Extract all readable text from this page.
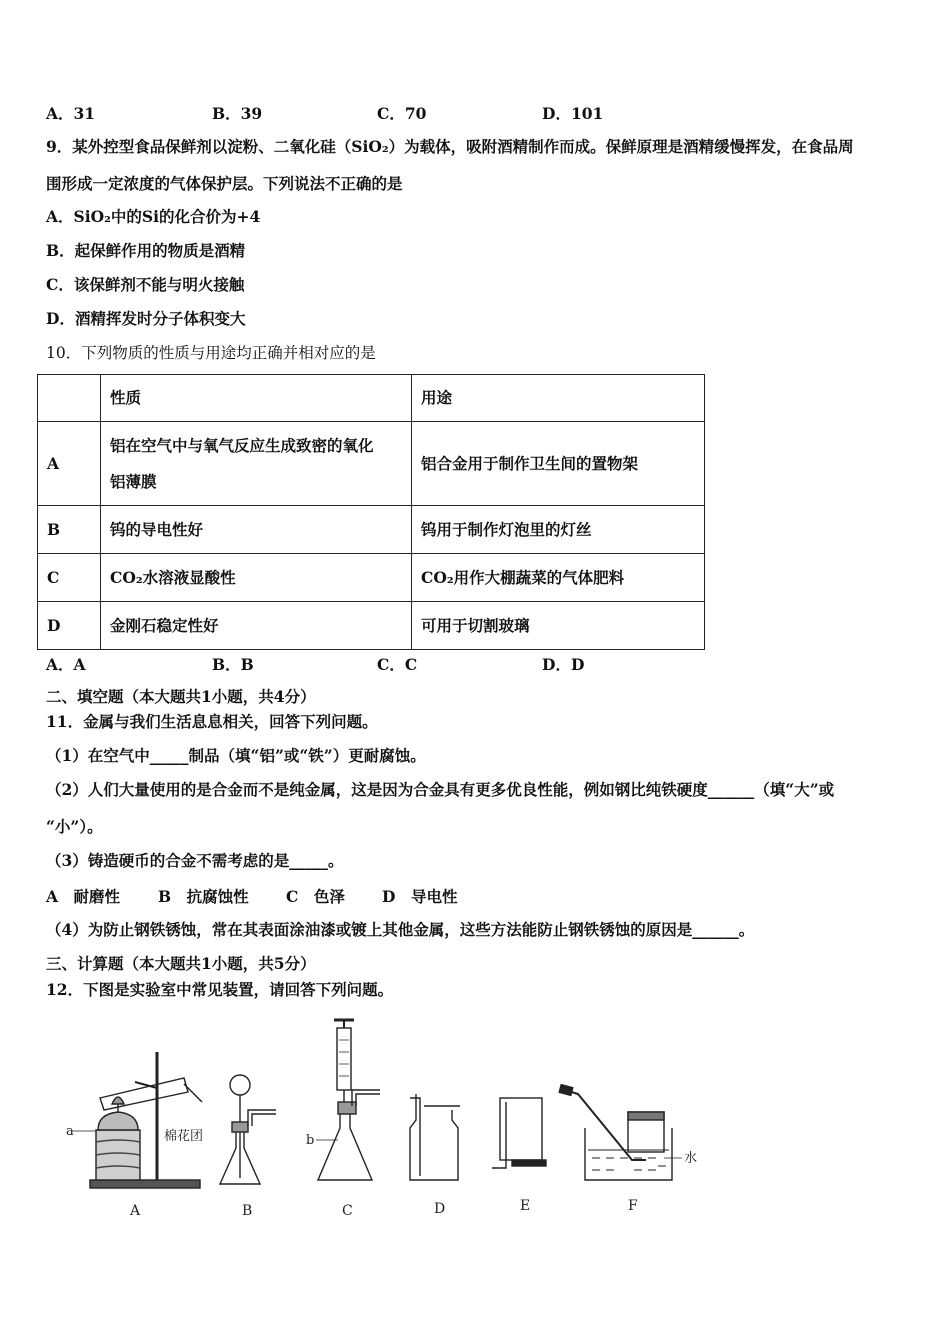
A．31	B．39	C．70	D．101
9．某外控型食品保鲜剂以淀粉、二氧化硅（SiO₂）为载体，吸附酒精制作而成。保鲜原理是酒精缓慢挥发，在食品周
围形成一定浓度的气体保护层。下列说法不正确的是
A．SiO₂中的Si的化合价为+4
B．起保鲜作用的物质是酒精
C．该保鲜剂不能与明火接触
D．酒精挥发时分子体积变大
10．下列物质的性质与用途均正确并相对应的是
	性质	用途
A	铝在空气中与氧气反应生成致密的氧化
铝薄膜	铝合金用于制作卫生间的置物架
B	钨的导电性好	钨用于制作灯泡里的灯丝
C	CO₂水溶液显酸性	CO₂用作大棚蔬菜的气体肥料
D	金刚石稳定性好	可用于切割玻璃
A．A	B．B	C．C	D．D
二、填空题（本大题共1小题，共4分）
11．金属与我们生活息息相关，回答下列问题。
（1）在空气中_____制品（填“铝”或“铁”）更耐腐蚀。
（2）人们大量使用的是合金而不是纯金属，这是因为合金具有更多优良性能，例如钢比纯铁硬度______（填“大”或
“小”）。
（3）铸造硬币的合金不需考虑的是_____。
A　耐磨性 B　抗腐蚀性 C　色泽 D　导电性
（4）为防止钢铁锈蚀，常在其表面涂油漆或镀上其他金属，这些方法能防止钢铁锈蚀的原因是______。
三、计算题（本大题共1小题，共5分）
12．下图是实验室中常见装置，请回答下列问题。
a	棉花团
A	B
b
C	D	E
水
F
